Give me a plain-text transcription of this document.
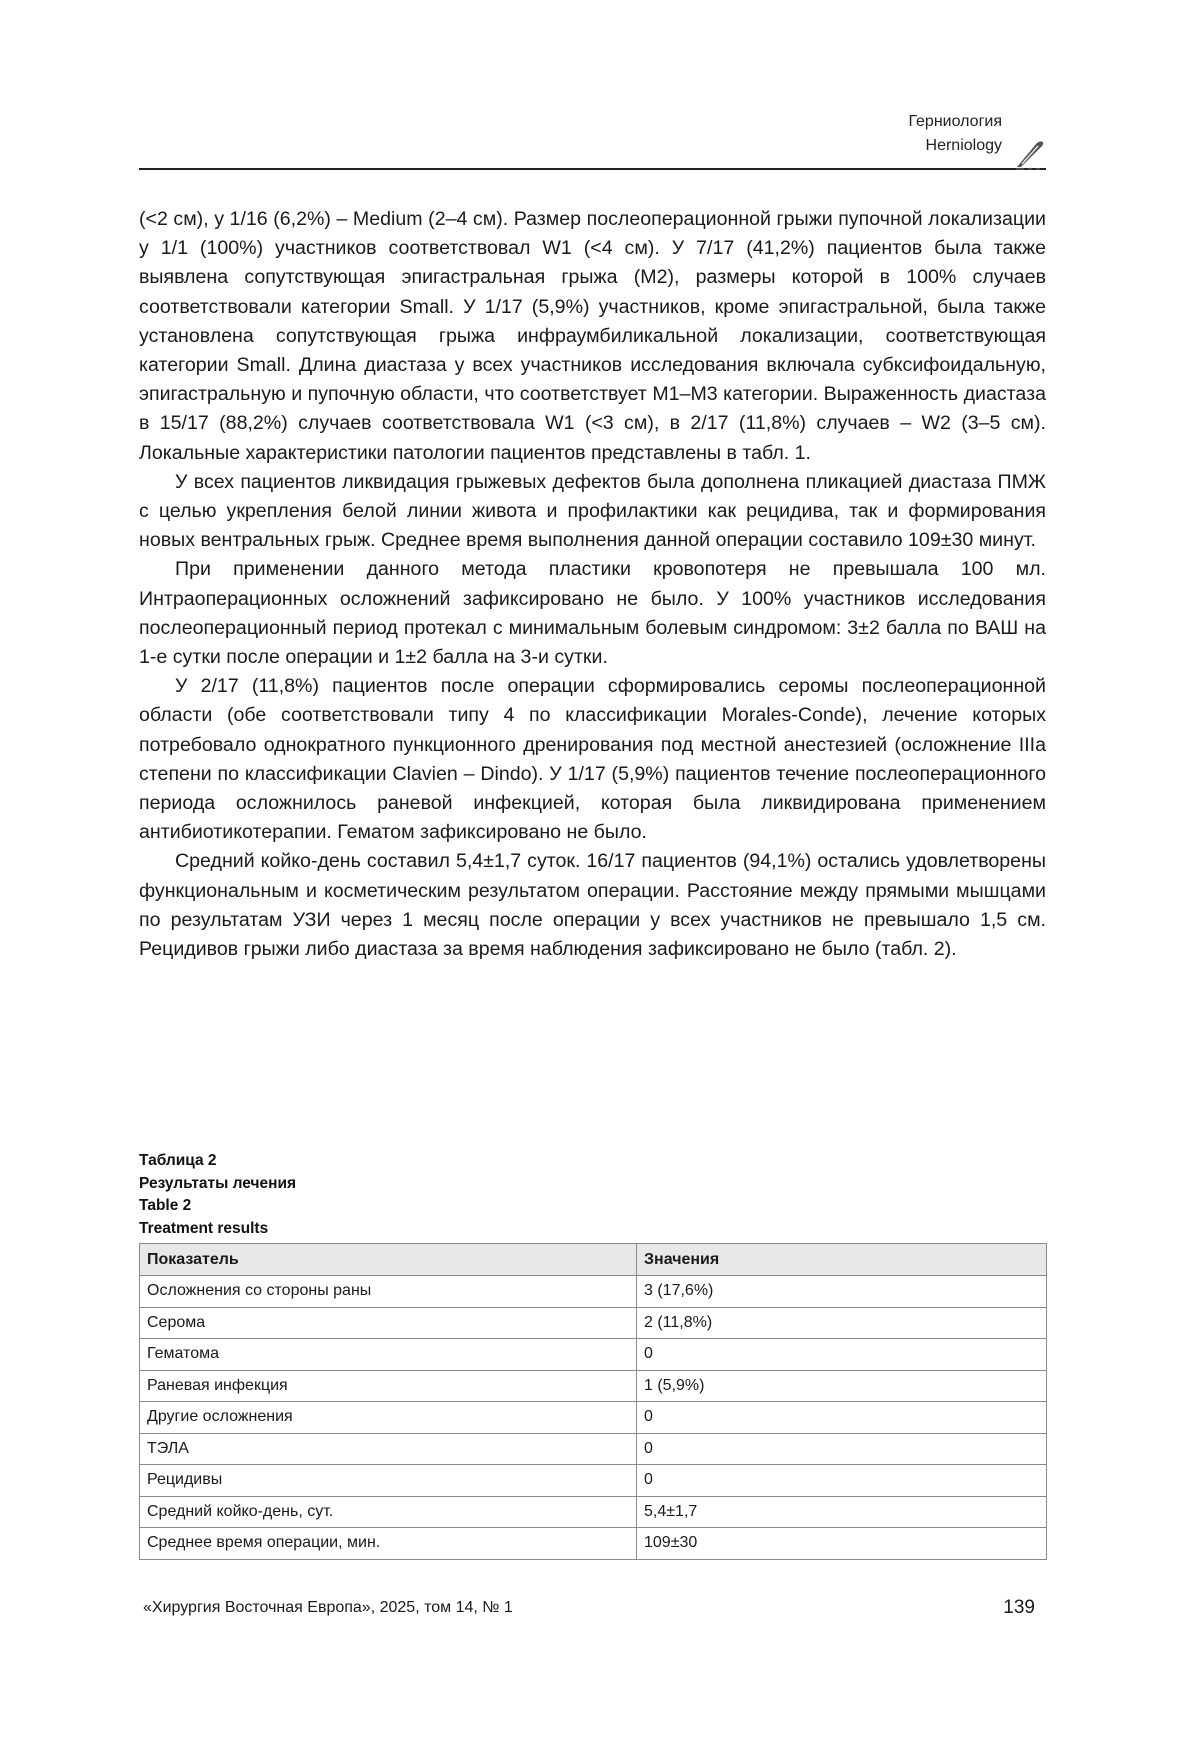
Герниология
Herniology

(<2 см), у 1/16 (6,2%) – Medium (2–4 см). Размер послеоперационной грыжи пупочной локализации у 1/1 (100%) участников соответствовал W1 (<4 см). У 7/17 (41,2%) пациентов была также выявлена сопутствующая эпигастральная грыжа (M2), размеры которой в 100% случаев соответствовали категории Small. У 1/17 (5,9%) участников, кроме эпигастральной, была также установлена сопутствующая грыжа инфраумбиликальной локализации, соответствующая категории Small. Длина диастаза у всех участников исследования включала субксифоидальную, эпигастральную и пупочную области, что соответствует M1–M3 категории. Выраженность диастаза в 15/17 (88,2%) случаев соответствовала W1 (<3 см), в 2/17 (11,8%) случаев – W2 (3–5 см). Локальные характеристики патологии пациентов представлены в табл. 1.

У всех пациентов ликвидация грыжевых дефектов была дополнена пликацией диастаза ПМЖ с целью укрепления белой линии живота и профилактики как рецидива, так и формирования новых вентральных грыж. Среднее время выполнения данной операции составило 109±30 минут.

При применении данного метода пластики кровопотеря не превышала 100 мл. Интраоперационных осложнений зафиксировано не было. У 100% участников исследования послеоперационный период протекал с минимальным болевым синдромом: 3±2 балла по ВАШ на 1-е сутки после операции и 1±2 балла на 3-и сутки.

У 2/17 (11,8%) пациентов после операции сформировались серомы послеоперационной области (обе соответствовали типу 4 по классификации Morales-Conde), лечение которых потребовало однократного пункционного дренирования под местной анестезией (осложнение IIIa степени по классификации Clavien – Dindo). У 1/17 (5,9%) пациентов течение послеоперационного периода осложнилось раневой инфекцией, которая была ликвидирована применением антибиотикотерапии. Гематом зафиксировано не было.

Средний койко-день составил 5,4±1,7 суток. 16/17 пациентов (94,1%) остались удовлетворены функциональным и косметическим результатом операции. Расстояние между прямыми мышцами по результатам УЗИ через 1 месяц после операции у всех участников не превышало 1,5 см. Рецидивов грыжи либо диастаза за время наблюдения зафиксировано не было (табл. 2).

Таблица 2
Результаты лечения
Table 2
Treatment results
Показатель	Значения
Осложнения со стороны раны	3 (17,6%)
Серома	2 (11,8%)
Гематома	0
Раневая инфекция	1 (5,9%)
Другие осложнения	0
ТЭЛА	0
Рецидивы	0
Средний койко-день, сут.	5,4±1,7
Среднее время операции, мин.	109±30
«Хирургия Восточная Европа», 2025, том 14, № 1	139
